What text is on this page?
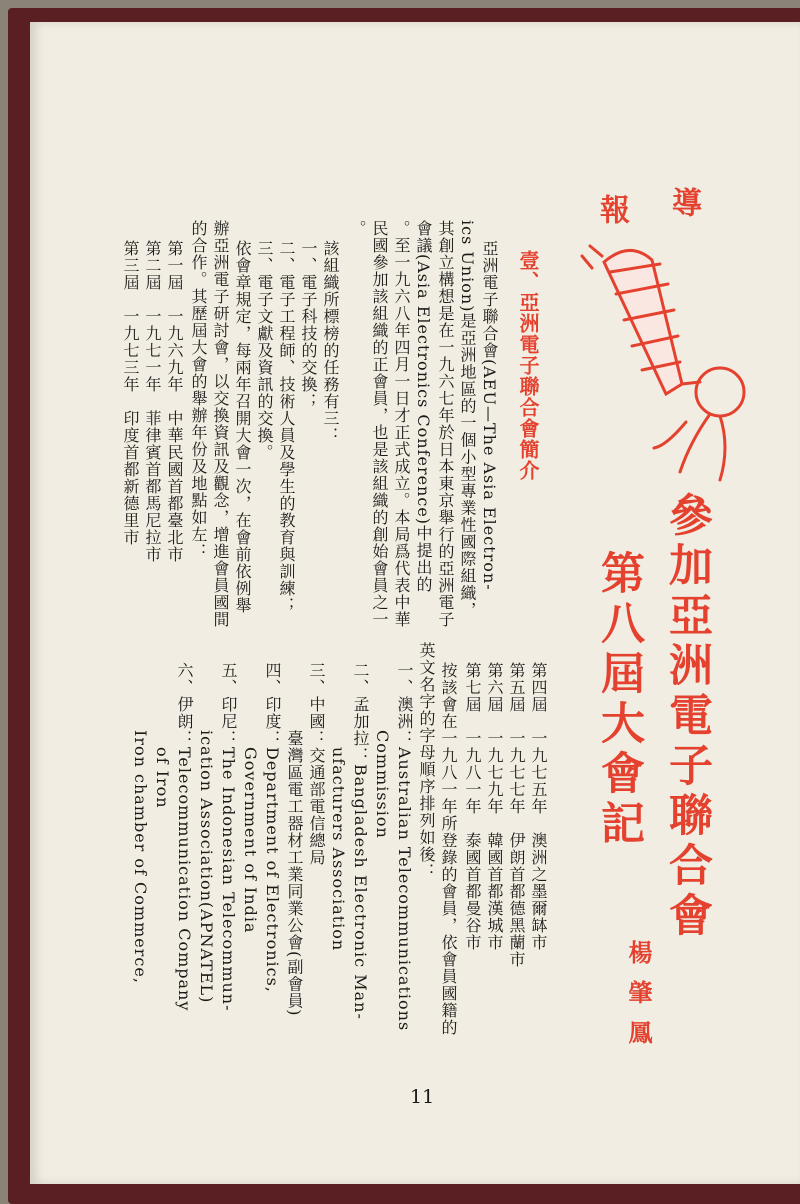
導
報
參加亞洲電子聯合會
第八屆大會記
楊肇鳳
壹、亞洲電子聯合會簡介
亞洲電子聯合會(AEU—The Asia Electron-
ics Union)是亞洲地區的一個小型專業性國際組織，
其創立構想是在一九六七年於日本東京舉行的亞洲電子
會議(Asia Electronics Conference)中提出的
。至一九六八年四月一日才正式成立。本局爲代表中華
民國參加該組織的正會員，也是該組織的創始會員之一
。
該組織所標榜的任務有三：
一、電子科技的交換；
二、電子工程師、技術人員及學生的教育與訓練；
三、電子文獻及資訊的交換。
依會章規定，每兩年召開大會一次，在會前依例舉
辦亞洲電子研討會，以交換資訊及觀念，增進會員國間
的合作。其歷屆大會的舉辦年份及地點如左：
第一屆　一九六九年　中華民國首都臺北市
第二屆　一九七一年　菲律賓首都馬尼拉市
第三屆　一九七三年　印度首都新德里市
第四屆　一九七五年　澳洲之墨爾缽市
第五屆　一九七七年　伊朗首都德黑蘭市
第六屆　一九七九年　韓國首都漢城市
第七屆　一九八一年　泰國首都曼谷市
按該會在一九八一年所登錄的會員，依會員國籍的
英文名字的字母順序排列如後：
一、澳洲：Australian Telecommunications
　　　　Commission
二、孟加拉：Bangladesh Electronic Man-
　　　　　ufacturers Association
三、中國：交通部電信總局
　　　　臺灣區電工器材工業同業公會(副會員)
四、印度：Department of Electronics,
　　　　　Government of India
五、印尼：The Indonesian Telecommun-
　　　　ication Association(APNATEL)
六、伊朗：Telecommunication Company
　　　　　of Iron
　　　　Iron chamber of Commerce,
11
